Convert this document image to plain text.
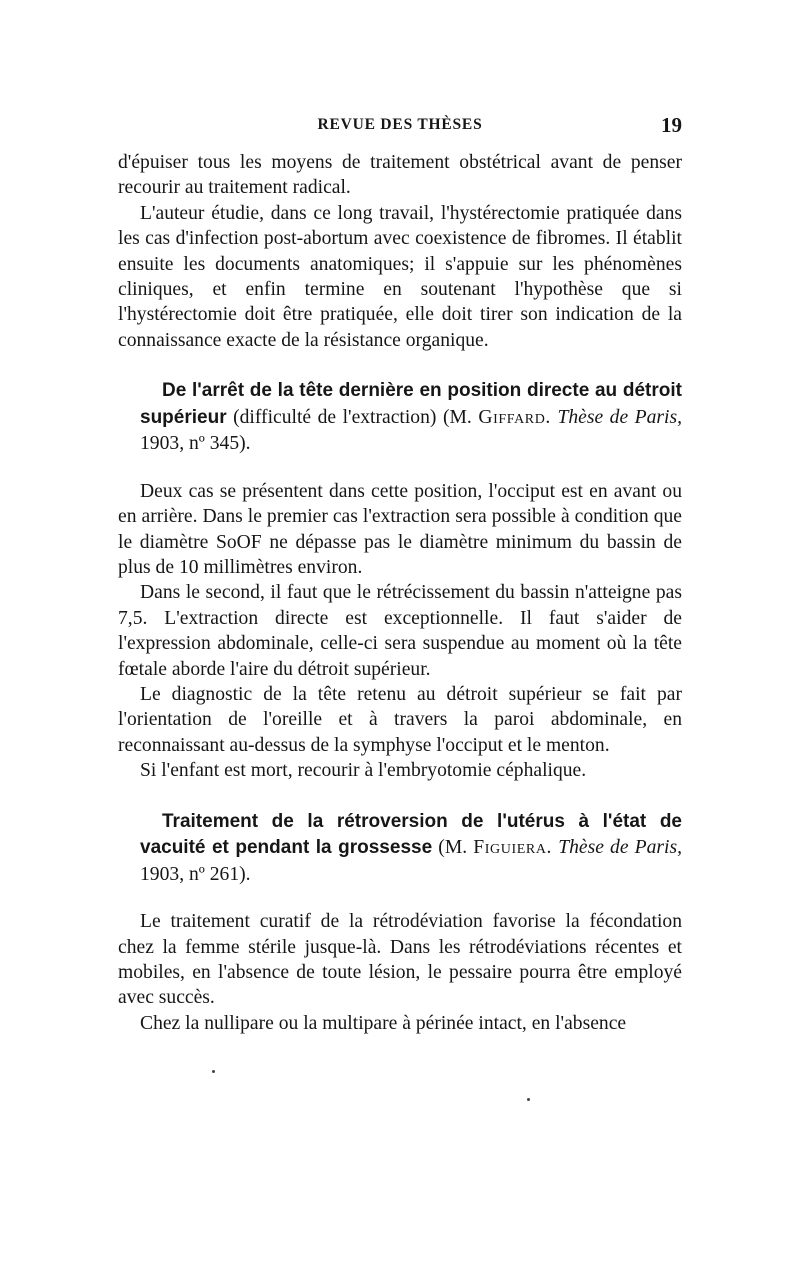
REVUE DES THÈSES	19

d'épuiser tous les moyens de traitement obstétrical avant de penser recourir au traitement radical.

L'auteur étudie, dans ce long travail, l'hystérectomie pratiquée dans les cas d'infection post-abortum avec coexistence de fibromes. Il établit ensuite les documents anatomiques; il s'appuie sur les phénomènes cliniques, et enfin termine en soutenant l'hypothèse que si l'hystérectomie doit être pratiquée, elle doit tirer son indication de la connaissance exacte de la résistance organique.

De l'arrêt de la tête dernière en position directe au détroit supérieur (difficulté de l'extraction) (M. Giffard. Thèse de Paris, 1903, nº 345).

Deux cas se présentent dans cette position, l'occiput est en avant ou en arrière. Dans le premier cas l'extraction sera possible à condition que le diamètre SoOF ne dépasse pas le diamètre minimum du bassin de plus de 10 millimètres environ.

Dans le second, il faut que le rétrécissement du bassin n'atteigne pas 7,5. L'extraction directe est exceptionnelle. Il faut s'aider de l'expression abdominale, celle-ci sera suspendue au moment où la tête fœtale aborde l'aire du détroit supérieur.

Le diagnostic de la tête retenu au détroit supérieur se fait par l'orientation de l'oreille et à travers la paroi abdominale, en reconnaissant au-dessus de la symphyse l'occiput et le menton.

Si l'enfant est mort, recourir à l'embryotomie céphalique.

Traitement de la rétroversion de l'utérus à l'état de vacuité et pendant la grossesse (M. Figuiera. Thèse de Paris, 1903, nº 261).

Le traitement curatif de la rétrodéviation favorise la fécondation chez la femme stérile jusque-là. Dans les rétrodéviations récentes et mobiles, en l'absence de toute lésion, le pessaire pourra être employé avec succès.

Chez la nullipare ou la multipare à périnée intact, en l'absence
